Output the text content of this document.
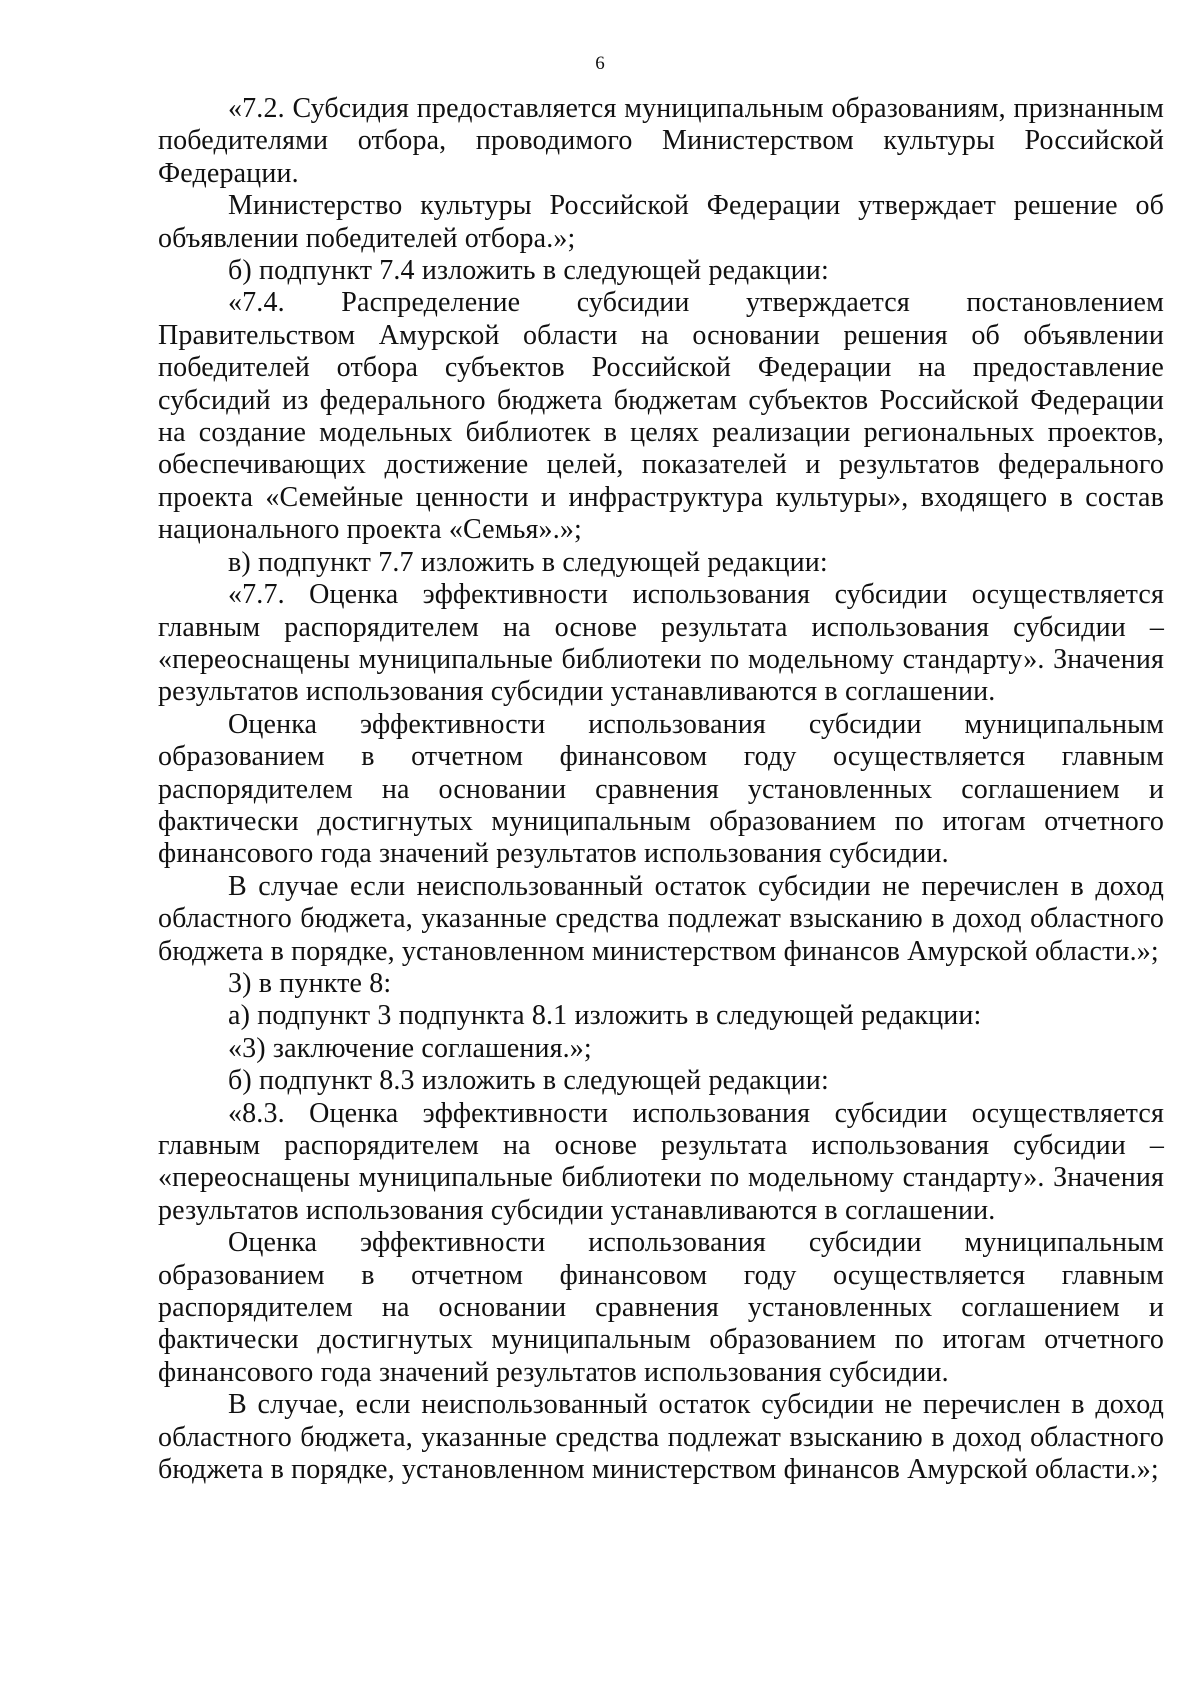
6

«7.2. Субсидия предоставляется муниципальным образованиям, признанным победителями отбора, проводимого Министерством культуры Российской Федерации.

Министерство культуры Российской Федерации утверждает решение об объявлении победителей отбора.»;

б) подпункт 7.4 изложить в следующей редакции:

«7.4. Распределение субсидии утверждается постановлением Правительством Амурской области на основании решения об объявлении победителей отбора субъектов Российской Федерации на предоставление субсидий из федерального бюджета бюджетам субъектов Российской Федерации на создание модельных библиотек в целях реализации региональных проектов, обеспечивающих достижение целей, показателей и результатов федерального проекта «Семейные ценности и инфраструктура культуры», входящего в состав национального проекта «Семья».»;

в) подпункт 7.7 изложить в следующей редакции:

«7.7. Оценка эффективности использования субсидии осуществляется главным распорядителем на основе результата использования субсидии – «переоснащены муниципальные библиотеки по модельному стандарту». Значения результатов использования субсидии устанавливаются в соглашении.

Оценка эффективности использования субсидии муниципальным образованием в отчетном финансовом году осуществляется главным распорядителем на основании сравнения установленных соглашением и фактически достигнутых муниципальным образованием по итогам отчетного финансового года значений результатов использования субсидии.

В случае если неиспользованный остаток субсидии не перечислен в доход областного бюджета, указанные средства подлежат взысканию в доход областного бюджета в порядке, установленном министерством финансов Амурской области.»;

3) в пункте 8:

а) подпункт 3 подпункта 8.1 изложить в следующей редакции:

«3) заключение соглашения.»;

б) подпункт 8.3 изложить в следующей редакции:

«8.3. Оценка эффективности использования субсидии осуществляется главным распорядителем на основе результата использования субсидии – «переоснащены муниципальные библиотеки по модельному стандарту». Значения результатов использования субсидии устанавливаются в соглашении.

Оценка эффективности использования субсидии муниципальным образованием в отчетном финансовом году осуществляется главным распорядителем на основании сравнения установленных соглашением и фактически достигнутых муниципальным образованием по итогам отчетного финансового года значений результатов использования субсидии.

В случае, если неиспользованный остаток субсидии не перечислен в доход областного бюджета, указанные средства подлежат взысканию в доход областного бюджета в порядке, установленном министерством финансов Амурской области.»;
